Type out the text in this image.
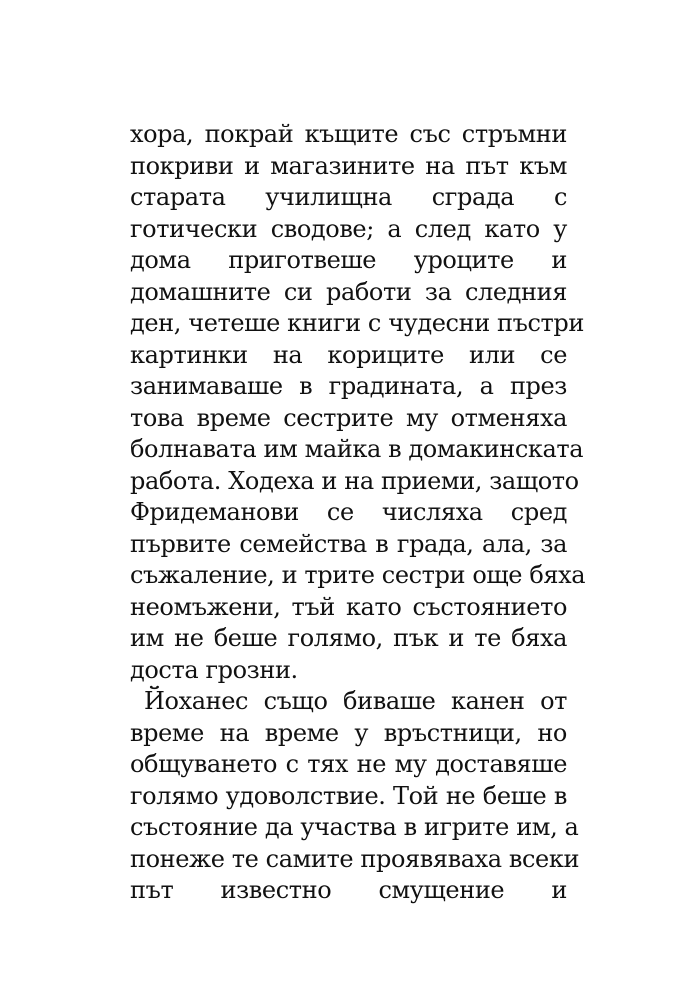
хора, покрай къщите със стръмни
покриви и магазините на път към
старата училищна сграда с
готически сводове; а след като у
дома приготвеше уроците и
домашните си работи за следния
ден, четеше книги с чудесни пъстри
картинки на кориците или се
занимаваше в градината, а през
това време сестрите му отменяха
болнавата им майка в домакинската
работа. Ходеха и на приеми, защото
Фридеманови се числяха сред
първите семейства в града, ала, за
съжаление, и трите сестри още бяха
неомъжени, тъй като състоянието
им не беше голямо, пък и те бяха
доста грозни.
Йоханес също биваше канен от
време на време у връстници, но
общуването с тях не му доставяше
голямо удоволствие. Той не беше в
състояние да участва в игрите им, а
понеже те самите проявяваха всеки
път известно смущение и
